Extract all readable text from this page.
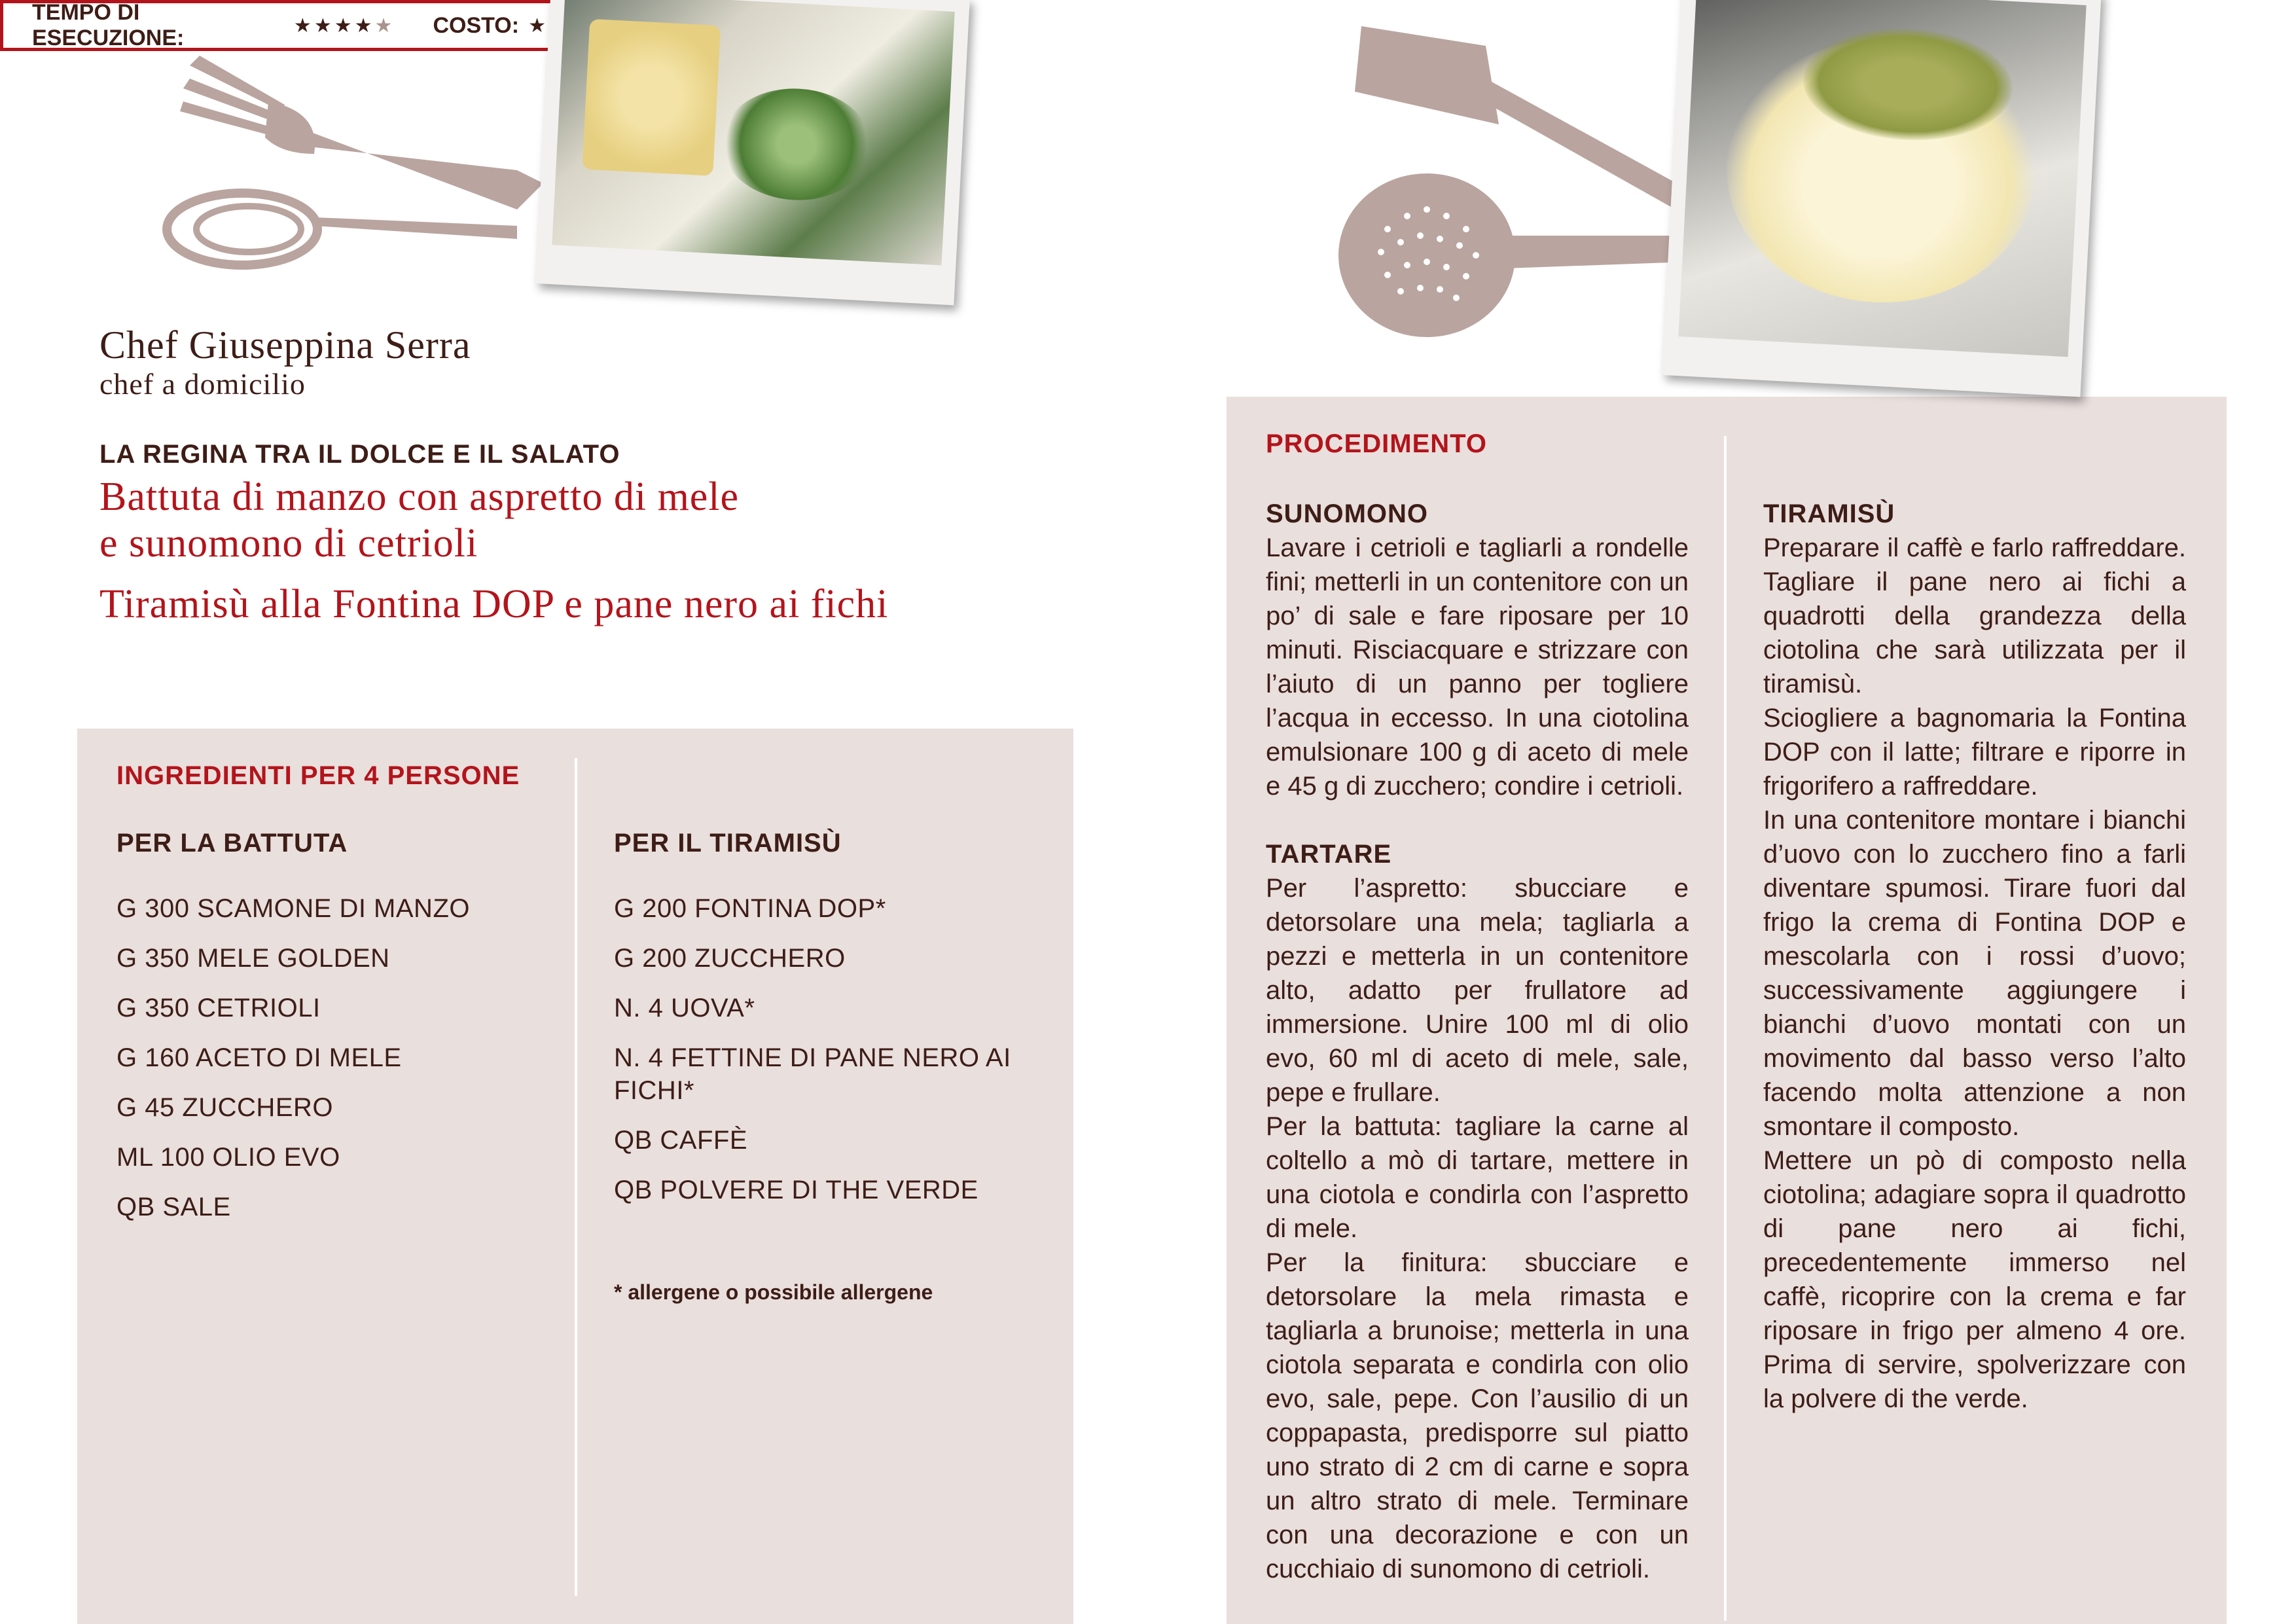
Chef Giuseppina Serra
chef a domicilio
LA REGINA TRA IL DOLCE E IL SALATO
Battuta di manzo con aspretto di mele
e sunomono di cetrioli
Tiramisù alla Fontina DOP e pane nero ai fichi
TEMPO DI ESECUZIONE:	★★★★★ COSTO: ★
INGREDIENTI PER 4 PERSONE
PER LA BATTUTA
G 300 SCAMONE DI MANZO
G 350 MELE GOLDEN
G 350 CETRIOLI
G 160 ACETO DI MELE
G 45 ZUCCHERO
ML 100 OLIO EVO
QB SALE
PER IL TIRAMISÙ
G 200 FONTINA DOP*
G 200 ZUCCHERO
N. 4 UOVA*
N. 4 FETTINE DI PANE NERO AI FICHI*
QB CAFFÈ
QB POLVERE DI THE VERDE
* allergene o possibile allergene
PROCEDIMENTO
SUNOMONO

Lavare i cetrioli e tagliarli a rondelle fini; metterli in un contenitore con un po’ di sale e fare riposare per 10 minuti. Risciacquare e strizzare con l’aiuto di un panno per togliere l’acqua in eccesso. In una ciotolina emulsionare 100 g di aceto di mele e 45 g di zucchero; condire i cetrioli.

TARTARE

Per l’aspretto: sbucciare e detorsolare una mela; tagliarla a pezzi e metterla in un contenitore alto, adatto per frullatore ad immersione. Unire 100 ml di olio evo, 60 ml di aceto di mele, sale, pepe e frullare.

Per la battuta: tagliare la carne al coltello a mò di tartare, mettere in una ciotola e condirla con l’aspretto di mele.

Per la finitura: sbucciare e detorsolare la mela rimasta e tagliarla a brunoise; metterla in una ciotola separata e condirla con olio evo, sale, pepe. Con l’ausilio di un coppapasta, predisporre sul piatto uno strato di 2 cm di carne e sopra un altro strato di mele. Terminare con una decorazione e con un cucchiaio di sunomono di cetrioli.

TIRAMISÙ

Preparare il caffè e farlo raffreddare. Tagliare il pane nero ai fichi a quadrotti della grandezza della ciotolina che sarà utilizzata per il tiramisù.

Sciogliere a bagnomaria la Fontina DOP con il latte; filtrare e riporre in frigorifero a raffreddare.

In una contenitore montare i bianchi d’uovo con lo zucchero fino a farli diventare spumosi. Tirare fuori dal frigo la crema di Fontina DOP e mescolarla con i rossi d’uovo; successivamente aggiungere i bianchi d’uovo montati con un movimento dal basso verso l’alto facendo molta attenzione a non smontare il composto.

Mettere un pò di composto nella ciotolina; adagiare sopra il quadrotto di pane nero ai fichi, precedentemente immerso nel caffè, ricoprire con la crema e far riposare in frigo per almeno 4 ore. Prima di servire, spolverizzare con la polvere di the verde.
